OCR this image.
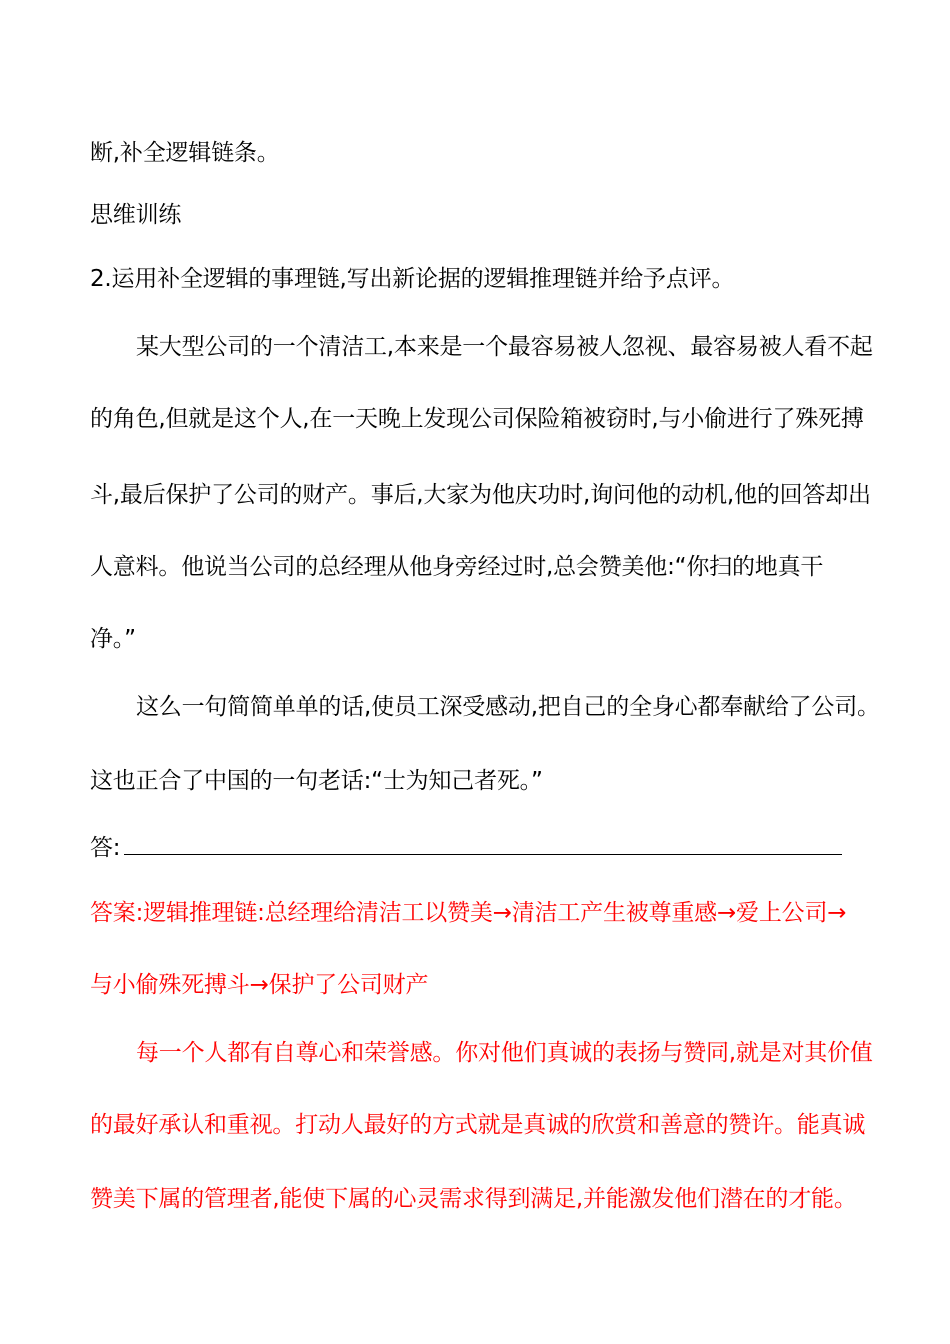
断,补全逻辑链条。
思维训练
2.运用补全逻辑的事理链,写出新论据的逻辑推理链并给予点评。
某大型公司的一个清洁工,本来是一个最容易被人忽视、最容易被人看不起
的角色,但就是这个人,在一天晚上发现公司保险箱被窃时,与小偷进行了殊死搏
斗,最后保护了公司的财产。事后,大家为他庆功时,询问他的动机,他的回答却出
人意料。他说当公司的总经理从他身旁经过时,总会赞美他:“你扫的地真干
净。”
这么一句简简单单的话,使员工深受感动,把自己的全身心都奉献给了公司。
这也正合了中国的一句老话:“士为知己者死。”
答:
答案:逻辑推理链:总经理给清洁工以赞美→清洁工产生被尊重感→爱上公司→
与小偷殊死搏斗→保护了公司财产
每一个人都有自尊心和荣誉感。你对他们真诚的表扬与赞同,就是对其价值
的最好承认和重视。打动人最好的方式就是真诚的欣赏和善意的赞许。能真诚
赞美下属的管理者,能使下属的心灵需求得到满足,并能激发他们潜在的才能。
